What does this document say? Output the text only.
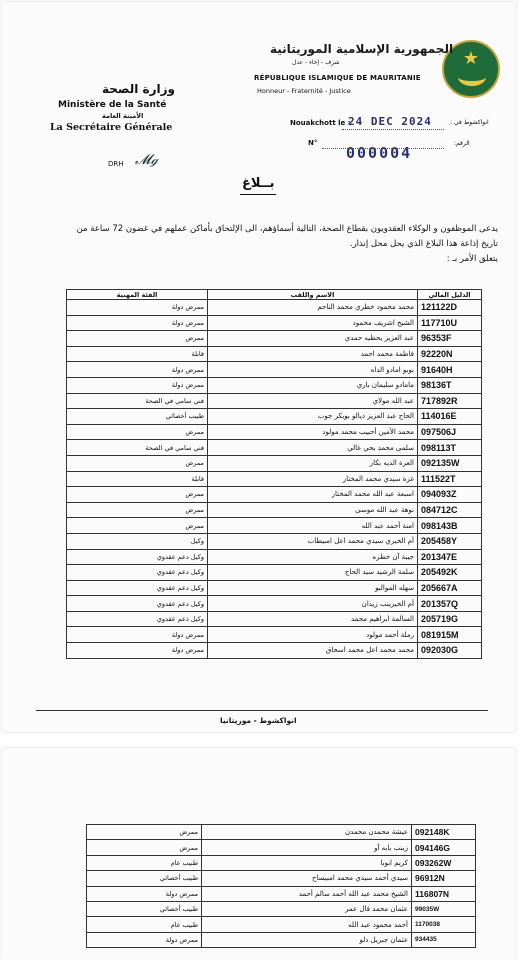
★
الجمهورية الإسلامية الموريتانية
شرف - إخاء - عدل
RÉPUBLIQUE ISLAMIQUE DE MAURITANIE
Honneur - Fraternité - Justice
وزارة الصحة
الأمينة العامة
Ministère de la Santé
La Secrétaire Générale
DRH 𝓜ℊ
Nouakchott le :
24 DEC 2024	انواكشوط في :
N°
000004
الرقم:
بــلاغ
يدعى الموظفون و الوكلاء العقدويون بقطاع الصحة، التالية أسماؤهم، الى الإلتحاق بأماكن عملهم في غضون 72 ساعة من تاريخ إذاعة هذا البلاغ الذي يحل محل إنذار.
يتعلق الأمر بـ :
الدليل المالي	الاسم واللقب	الفئة المهنية
121122D	محمد محمود خطري محمد الناجم	ممرض دولة
117710U	الشيخ اشريف محمود	ممرض دولة
96353F	عبد العزيز يحظيه حمدي	ممرض
92220N	فاطمة محمد احمد	قابلة
91640H	بوبو امادو الداه	ممرض دولة
98136T	مامادو سليمان باري	ممرض دولة
717892R	عبد الله مولاي	فني سامي في الصحة
114016E	الحاج عبد العزيز ديالو بوبكر جوب	طبيب أخصائي
097506J	محمد الأمين أحبيب محمد مولود	ممرض
098113T	سلمى محمد يحي غالي	فني سامي في الصحة
092135W	العزة الديه بكار	ممرض
111522T	غزة سيدي محمد المختار	قابلة
094093Z	اسبعة عبد الله محمد المختار	ممرض
084712C	نوهة عبد الله موسى	ممرض
098143B	امنة أحمد عبد الله	ممرض
205458Y	أم الخيري سيدي محمد اعل امبيطاب	وكيل
201347E	جيبة آن خطره	وكيل دعم عقدوي
205492K	سلمة الرشيد سيد الحاج	وكيل دعم عقدوي
205667A	سهله الموالبو	وكيل دعم عقدوي
201357Q	أم الخيرينب زيدان	وكيل دعم عقدوي
205719G	السالمة ابراهيم محمد	وكيل دعم عقدوي
081915M	رملة أحمد مولود	ممرض دولة
092030G	محمد محمد اعل محمد اسحاق	ممرض دولة
انواكشوط - موريتانيا
092148K	عيشة محمدن محمدن	ممرض
094146G	زينب بابه آو	ممرض
093262W	كريم ابوبا	طبيب عام
96912N	سيدي أحمد سيدي محمد امبيساح	طبيب أخصائي
116807N	الشيخ محمد عبد الله أحمد سالم أحمد	ممرض دولة
99035W	عثمان محمد فال عمر	طبيب أخصائي
1170038	أحمد محمود عبد الله	طبيب عام
934435	عثمان جبريل دلو	ممرض دولة
